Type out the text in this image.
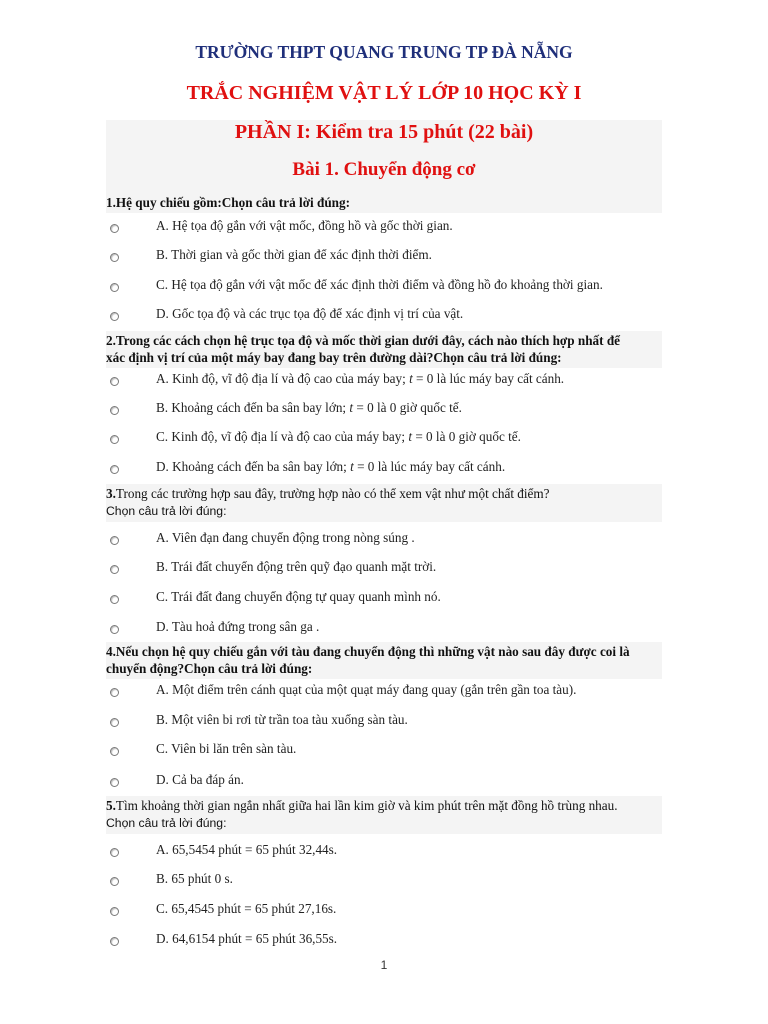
TRƯỜNG THPT QUANG TRUNG TP ĐÀ NẴNG
TRẮC NGHIỆM VẬT LÝ LỚP 10 HỌC KỲ I
PHẦN I: Kiểm tra 15 phút (22 bài)
Bài 1. Chuyển động cơ
1.Hệ quy chiếu gồm:Chọn câu trả lời đúng:
A. Hệ tọa độ gắn với vật mốc, đồng hồ và gốc thời gian.
B. Thời gian và gốc thời gian để xác định thời điểm.
C. Hệ tọa độ gắn với vật mốc để xác định thời điểm và đồng hồ đo khoảng thời gian.
D. Gốc tọa độ và các trục tọa độ để xác định vị trí của vật.
2.Trong các cách chọn hệ trục tọa độ và mốc thời gian dưới đây, cách nào thích hợp nhất để
xác định vị trí của một máy bay đang bay trên đường dài?Chọn câu trả lời đúng:
A. Kinh độ, vĩ độ địa lí và độ cao của máy bay; t = 0 là lúc máy bay cất cánh.
B. Khoảng cách đến ba sân bay lớn; t = 0 là 0 giờ quốc tế.
C. Kinh độ, vĩ độ địa lí và độ cao của máy bay; t = 0 là 0 giờ quốc tế.
D. Khoảng cách đến ba sân bay lớn; t = 0 là lúc máy bay cất cánh.
3.Trong các trường hợp sau đây, trường hợp nào có thể xem vật như một chất điểm?
Chọn câu trả lời đúng:
A. Viên đạn đang chuyển động trong nòng súng .
B. Trái đất chuyển động trên quỹ đạo quanh mặt trời.
C. Trái đất đang chuyển động tự quay quanh mình nó.
D. Tàu hoả đứng trong sân ga .
4.Nếu chọn hệ quy chiếu gắn với tàu đang chuyển động thì những vật nào sau đây được coi là
chuyển động?Chọn câu trả lời đúng:
A. Một điểm trên cánh quạt của một quạt máy đang quay (gắn trên gần toa tàu).
B. Một viên bi rơi từ trần toa tàu xuống sàn tàu.
C. Viên bi lăn trên sàn tàu.
D. Cả ba đáp án.
5.Tìm khoảng thời gian ngắn nhất giữa hai lần kim giờ và kim phút trên mặt đồng hồ trùng nhau.
Chọn câu trả lời đúng:
A. 65,5454 phút = 65 phút 32,44s.
B. 65 phút 0 s.
C. 65,4545 phút = 65 phút 27,16s.
D. 64,6154 phút = 65 phút 36,55s.
1
